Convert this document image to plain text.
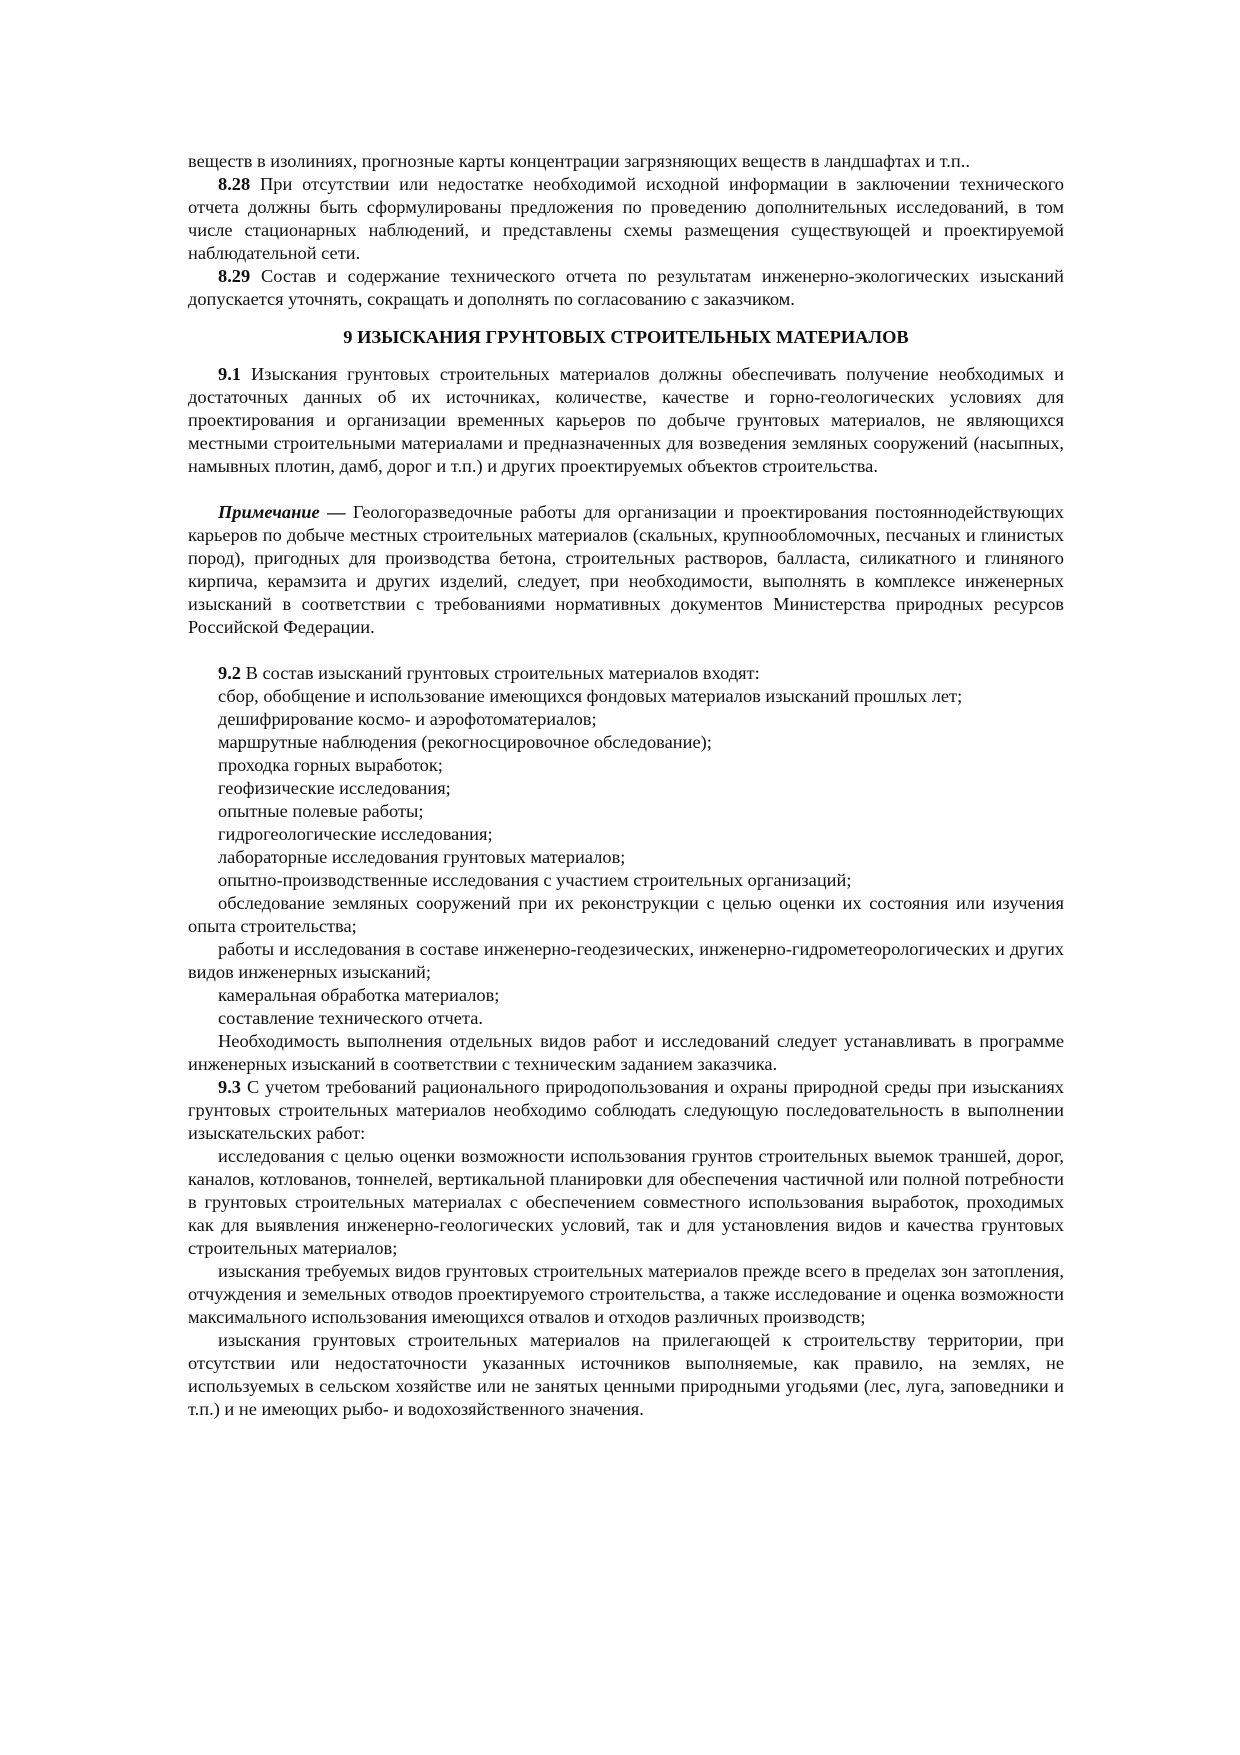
веществ в изолиниях, прогнозные карты концентрации загрязняющих веществ в ландшафтах и т.п..

8.28 При отсутствии или недостатке необходимой исходной информации в заключении технического отчета должны быть сформулированы предложения по проведению дополнительных исследований, в том числе стационарных наблюдений, и представлены схемы размещения существующей и проектируемой наблюдательной сети.

8.29 Состав и содержание технического отчета по результатам инженерно-экологических изысканий допускается уточнять, сокращать и дополнять по согласованию с заказчиком.

9 ИЗЫСКАНИЯ ГРУНТОВЫХ СТРОИТЕЛЬНЫХ МАТЕРИАЛОВ

9.1 Изыскания грунтовых строительных материалов должны обеспечивать получение необходимых и достаточных данных об их источниках, количестве, качестве и горно-геологических условиях для проектирования и организации временных карьеров по добыче грунтовых материалов, не являющихся местными строительными материалами и предназначенных для возведения земляных сооружений (насыпных, намывных плотин, дамб, дорог и т.п.) и других проектируемых объектов строительства.

Примечание — Геологоразведочные работы для организации и проектирования постояннодействующих карьеров по добыче местных строительных материалов (скальных, крупнообломочных, песчаных и глинистых пород), пригодных для производства бетона, строительных растворов, балласта, силикатного и глиняного кирпича, керамзита и других изделий, следует, при необходимости, выполнять в комплексе инженерных изысканий в соответствии с требованиями нормативных документов Министерства природных ресурсов Российской Федерации.

9.2 В состав изысканий грунтовых строительных материалов входят:

сбор, обобщение и использование имеющихся фондовых материалов изысканий прошлых лет;

дешифрирование космо- и аэрофотоматериалов;

маршрутные наблюдения (рекогносцировочное обследование);

проходка горных выработок;

геофизические исследования;

опытные полевые работы;

гидрогеологические исследования;

лабораторные исследования грунтовых материалов;

опытно-производственные исследования с участием строительных организаций;

обследование земляных сооружений при их реконструкции с целью оценки их состояния или изучения опыта строительства;

работы и исследования в составе инженерно-геодезических, инженерно-гидрометеорологических и других видов инженерных изысканий;

камеральная обработка материалов;

составление технического отчета.

Необходимость выполнения отдельных видов работ и исследований следует устанавливать в программе инженерных изысканий в соответствии с техническим заданием заказчика.

9.3 С учетом требований рационального природопользования и охраны природной среды при изысканиях грунтовых строительных материалов необходимо соблюдать следующую последовательность в выполнении изыскательских работ:

исследования с целью оценки возможности использования грунтов строительных выемок траншей, дорог, каналов, котлованов, тоннелей, вертикальной планировки для обеспечения частичной или полной потребности в грунтовых строительных материалах с обеспечением совместного использования выработок, проходимых как для выявления инженерно-геологических условий, так и для установления видов и качества грунтовых строительных материалов;

изыскания требуемых видов грунтовых строительных материалов прежде всего в пределах зон затопления, отчуждения и земельных отводов проектируемого строительства, а также исследование и оценка возможности максимального использования имеющихся отвалов и отходов различных производств;

изыскания грунтовых строительных материалов на прилегающей к строительству территории, при отсутствии или недостаточности указанных источников выполняемые, как правило, на землях, не используемых в сельском хозяйстве или не занятых ценными природными угодьями (лес, луга, заповедники и т.п.) и не имеющих рыбо- и водохозяйственного значения.
